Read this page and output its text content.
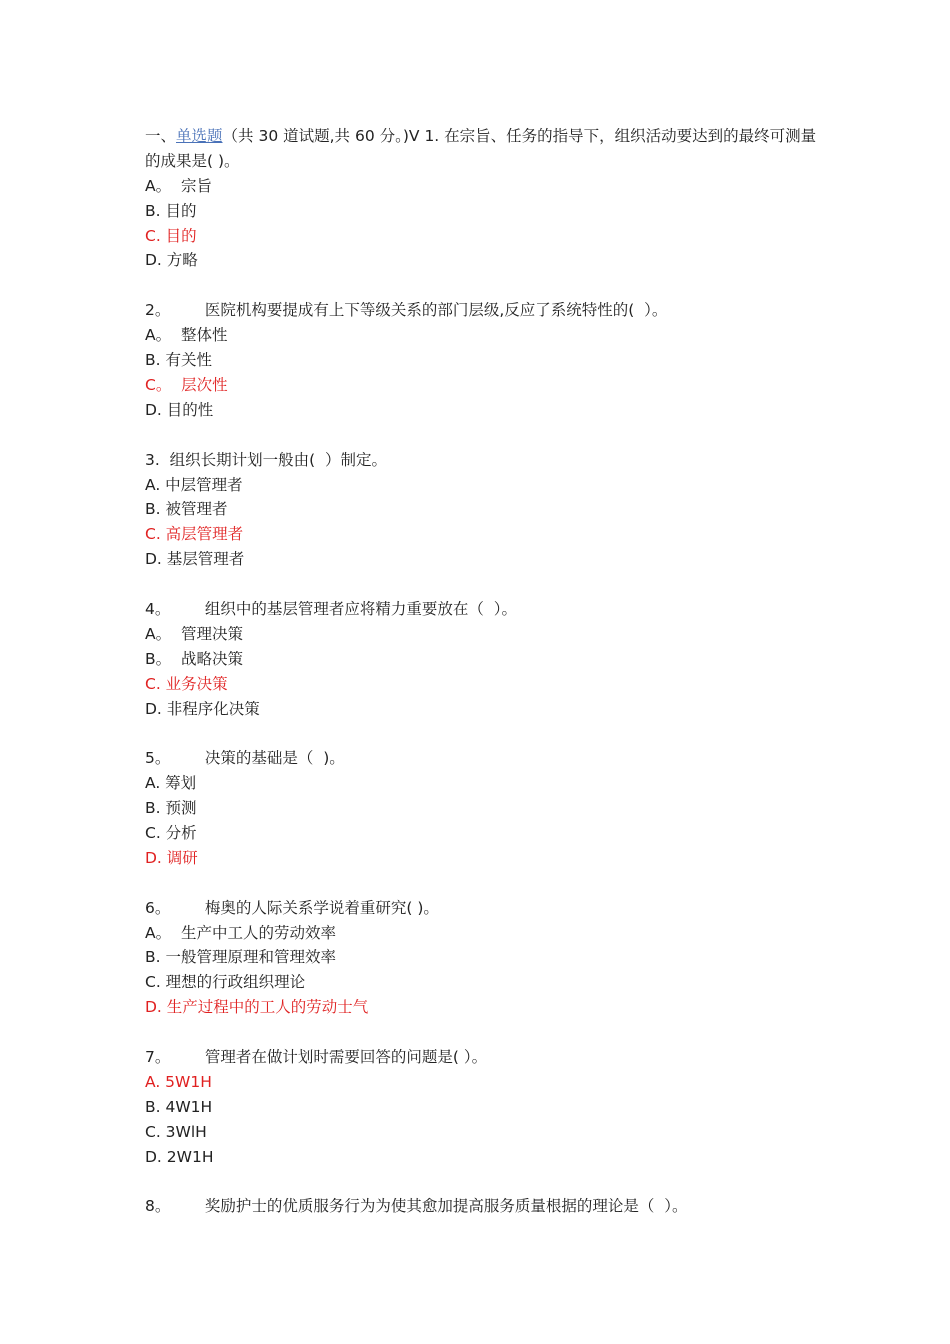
一、单选题（共 30 道试题,共 60 分。)V 1. 在宗旨、任务的指导下，组织活动要达到的最终可测量的成果是( )。
A。  宗旨
B. 目的
C. 目的
D. 方略
2。       医院机构要提成有上下等级关系的部门层级,反应了系统特性的(  ）。
A。  整体性
B. 有关性
C。  层次性
D. 目的性
3.  组织长期计划一般由(  ）制定。
A. 中层管理者
B. 被管理者
C. 高层管理者
D. 基层管理者
4。       组织中的基层管理者应将精力重要放在（  ）。
A。  管理决策
B。  战略决策
C. 业务决策
D. 非程序化决策
5。       决策的基础是（  )。
A. 筹划
B. 预测
C. 分析
D. 调研
6。       梅奥的人际关系学说着重研究( )。
A。  生产中工人的劳动效率
B. 一般管理原理和管理效率
C. 理想的行政组织理论
D. 生产过程中的工人的劳动士气
7。       管理者在做计划时需要回答的问题是( ）。
A. 5W1H
B. 4W1H
C. 3WlH
D. 2W1H
8。       奖励护士的优质服务行为为使其愈加提高服务质量根据的理论是（  ）。
